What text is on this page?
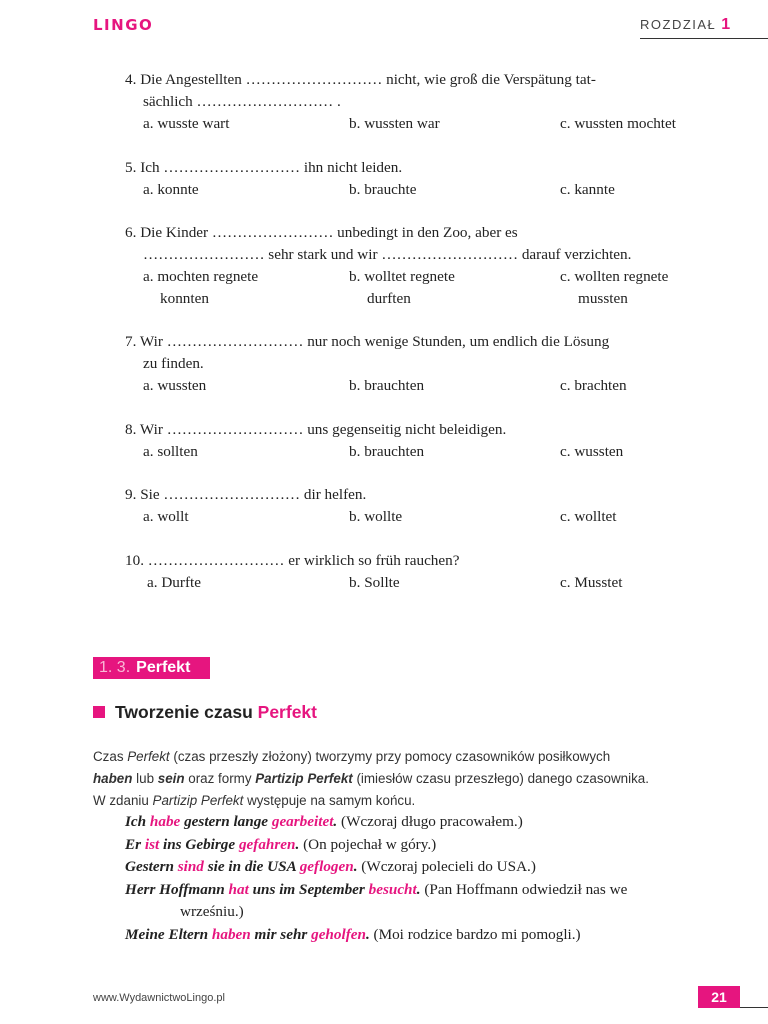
LINGO	ROZDZIAŁ 1
4. Die Angestellten ……………………… nicht, wie groß die Verspätung tat-
sächlich ……………………… .
a. wusste wart	b. wussten war	c. wussten mochtet
5. Ich ……………………… ihn nicht leiden.
a. konnte	b. brauchte	c. kannte
6. Die Kinder …………………… unbedingt in den Zoo, aber es
…………………… sehr stark und wir ……………………… darauf verzichten.
a. mochten regnete	b. wolltet regnete	c. wollten regnete
konnten	durften	mussten
7. Wir ……………………… nur noch wenige Stunden, um endlich die Lösung
zu finden.
a. wussten	b. brauchten	c. brachten
8. Wir ……………………… uns gegenseitig nicht beleidigen.
a. sollten	b. brauchten	c. wussten
9. Sie ……………………… dir helfen.
a. wollt	b. wollte	c. wolltet
10. ……………………… er wirklich so früh rauchen?
a. Durfte	b. Sollte	c. Musstet
1. 3. Perfekt
Tworzenie czasu Perfekt
Czas Perfekt (czas przeszły złożony) tworzymy przy pomocy czasowników posiłkowych
haben lub sein oraz formy Partizip Perfekt (imiesłów czasu przeszłego) danego czasownika.
W zdaniu Partizip Perfekt występuje na samym końcu.
Ich habe gestern lange gearbeitet. (Wczoraj długo pracowałem.)
Er ist ins Gebirge gefahren. (On pojechał w góry.)
Gestern sind sie in die USA geflogen. (Wczoraj polecieli do USA.)
Herr Hoffmann hat uns im September besucht. (Pan Hoffmann odwiedził nas we
wrześniu.)
Meine Eltern haben mir sehr geholfen. (Moi rodzice bardzo mi pomogli.)
www.WydawnictwoLingo.pl	21
